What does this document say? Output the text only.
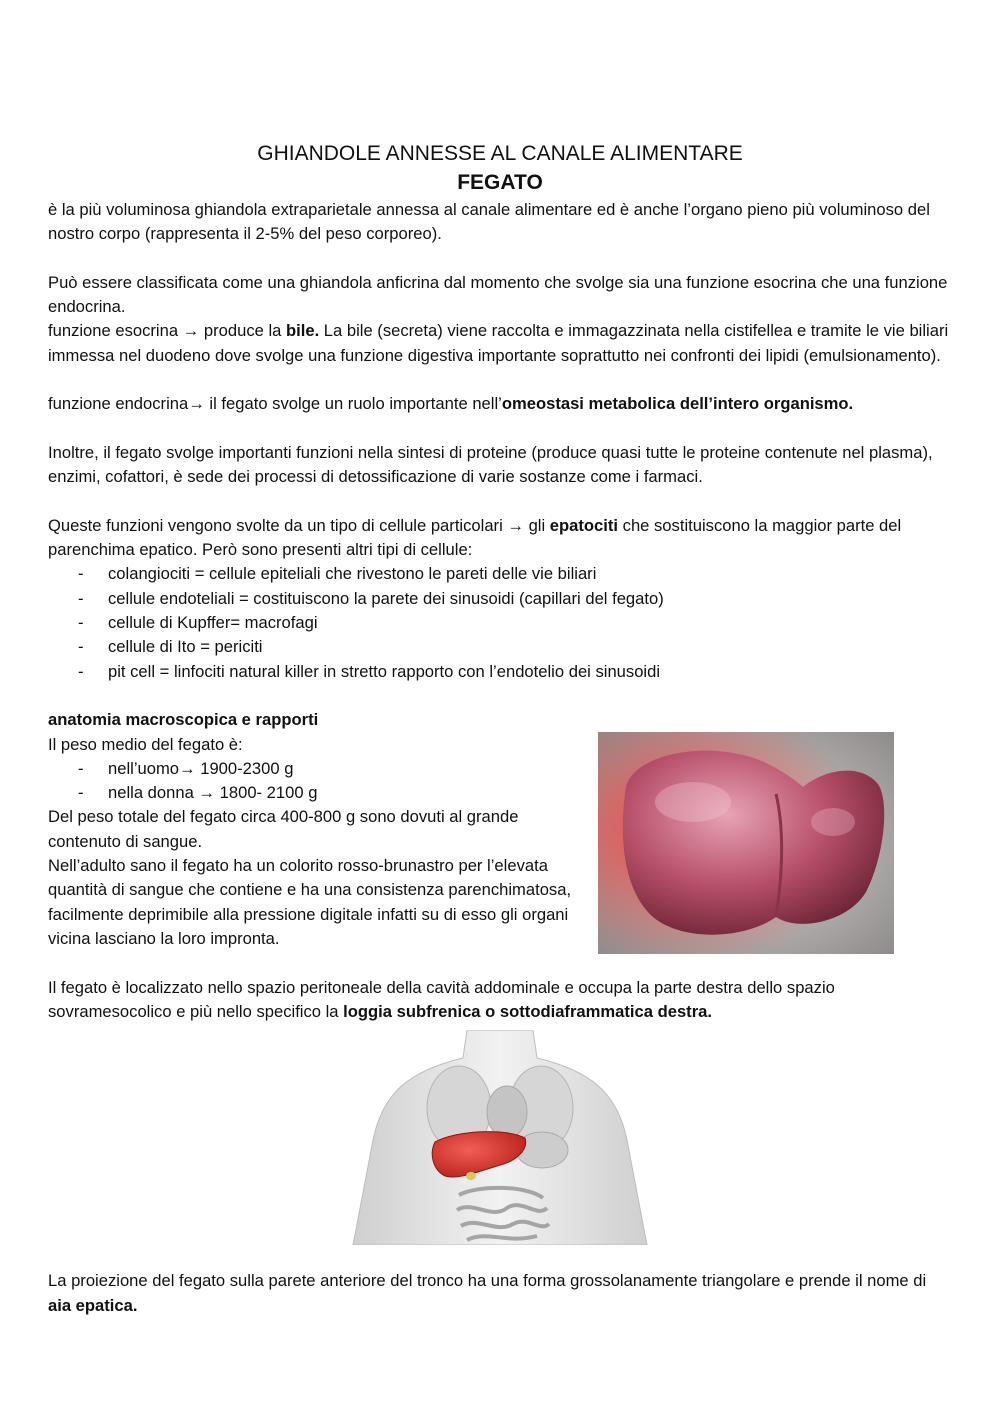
GHIANDOLE ANNESSE AL CANALE ALIMENTARE

FEGATO

è la più voluminosa ghiandola extraparietale annessa al canale alimentare ed è anche l’organo pieno più voluminoso del nostro corpo (rappresenta il 2-5% del peso corporeo).

Può essere classificata come una ghiandola anficrina dal momento che svolge sia una funzione esocrina che una funzione endocrina.

funzione esocrina → produce la bile. La bile (secreta) viene raccolta e immagazzinata nella cistifellea e tramite le vie biliari immessa nel duodeno dove svolge una funzione digestiva importante soprattutto nei confronti dei lipidi (emulsionamento).

funzione endocrina→ il fegato svolge un ruolo importante nell’omeostasi metabolica dell’intero organismo.

Inoltre, il fegato svolge importanti funzioni nella sintesi di proteine (produce quasi tutte le proteine contenute nel plasma), enzimi, cofattori, è sede dei processi di detossificazione di varie sostanze come i farmaci.

Queste funzioni vengono svolte da un tipo di cellule particolari → gli epatociti che sostituiscono la maggior parte del parenchima epatico. Però sono presenti altri tipi di cellule:

- colangiociti = cellule epiteliali che rivestono le pareti delle vie biliari
- cellule endoteliali = costituiscono la parete dei sinusoidi (capillari del fegato)
- cellule di Kupffer= macrofagi
- cellule di Ito = periciti
- pit cell = linfociti natural killer in stretto rapporto con l’endotelio dei sinusoidi

anatomia macroscopica e rapporti

Il peso medio del fegato è:

- nell’uomo→ 1900-2300 g
- nella donna → 1800- 2100 g

Del peso totale del fegato circa 400-800 g sono dovuti al grande contenuto di sangue.

Nell’adulto sano il fegato ha un colorito rosso-brunastro per l’elevata quantità di sangue che contiene e ha una consistenza parenchimatosa, facilmente deprimibile alla pressione digitale infatti su di esso gli organi vicina lasciano la loro impronta.

Il fegato è localizzato nello spazio peritoneale della cavità addominale e occupa la parte destra dello spazio sovramesocolico e più nello specifico la loggia subfrenica o sottodiaframmatica destra.

La proiezione del fegato sulla parete anteriore del tronco ha una forma grossolanamente triangolare e prende il nome di aia epatica.
